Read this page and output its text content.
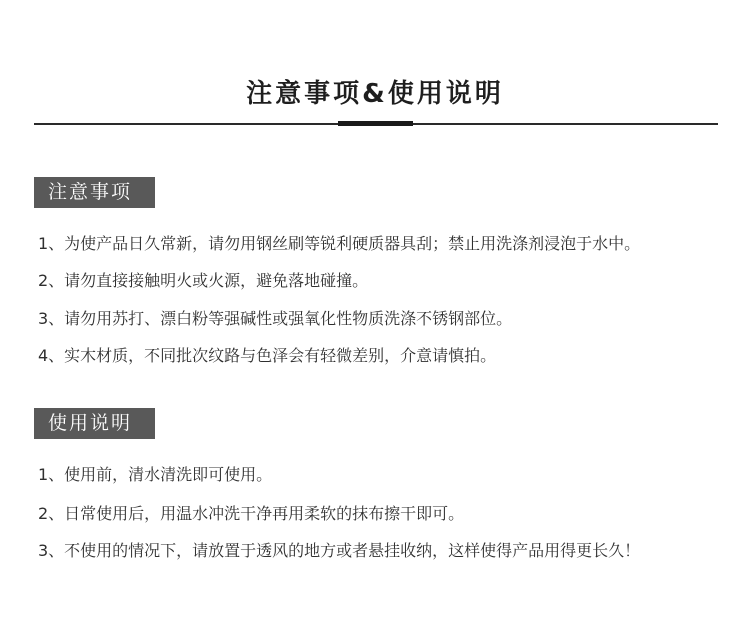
注意事项&使用说明
注意事项
1、为使产品日久常新，请勿用钢丝刷等锐利硬质器具刮；禁止用洗涤剂浸泡于水中。
2、请勿直接接触明火或火源，避免落地碰撞。
3、请勿用苏打、漂白粉等强碱性或强氧化性物质洗涤不锈钢部位。
4、实木材质，不同批次纹路与色泽会有轻微差别，介意请慎拍。
使用说明
1、使用前，清水清洗即可使用。
2、日常使用后，用温水冲洗干净再用柔软的抹布擦干即可。
3、不使用的情况下，请放置于透风的地方或者悬挂收纳，这样使得产品用得更长久！
